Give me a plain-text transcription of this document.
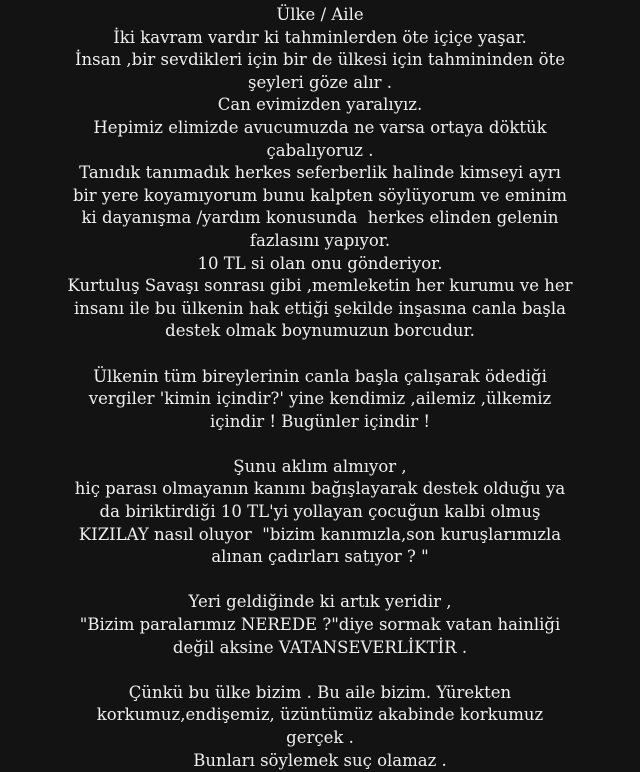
Ülke / Aile
İki kavram vardır ki tahminlerden öte içiçe yaşar.
İnsan ,bir sevdikleri için bir de ülkesi için tahmininden öte
şeyleri göze alır .
Can evimizden yaralıyız.
Hepimiz elimizde avucumuzda ne varsa ortaya döktük
çabalıyoruz .
Tanıdık tanımadık herkes seferberlik halinde kimseyi ayrı
bir yere koyamıyorum bunu kalpten söylüyorum ve eminim
ki dayanışma /yardım konusunda  herkes elinden gelenin
fazlasını yapıyor.
10 TL si olan onu gönderiyor.
Kurtuluş Savaşı sonrası gibi ,memleketin her kurumu ve her
insanı ile bu ülkenin hak ettiği şekilde inşasına canla başla
destek olmak boynumuzun borcudur.
Ülkenin tüm bireylerinin canla başla çalışarak ödediği
vergiler 'kimin içindir?' yine kendimiz ,ailemiz ,ülkemiz
içindir ! Bugünler içindir !
Şunu aklım almıyor ,
hiç parası olmayanın kanını bağışlayarak destek olduğu ya
da biriktirdiği 10 TL'yi yollayan çocuğun kalbi olmuş
KIZILAY nasıl oluyor  "bizim kanımızla,son kuruşlarımızla
alınan çadırları satıyor ? "
Yeri geldiğinde ki artık yeridir ,
"Bizim paralarımız NEREDE ?"diye sormak vatan hainliği
değil aksine VATANSEVERLİKTİR .
Çünkü bu ülke bizim . Bu aile bizim. Yürekten
korkumuz,endişemiz, üzüntümüz akabinde korkumuz
gerçek .
Bunları söylemek suç olamaz .
